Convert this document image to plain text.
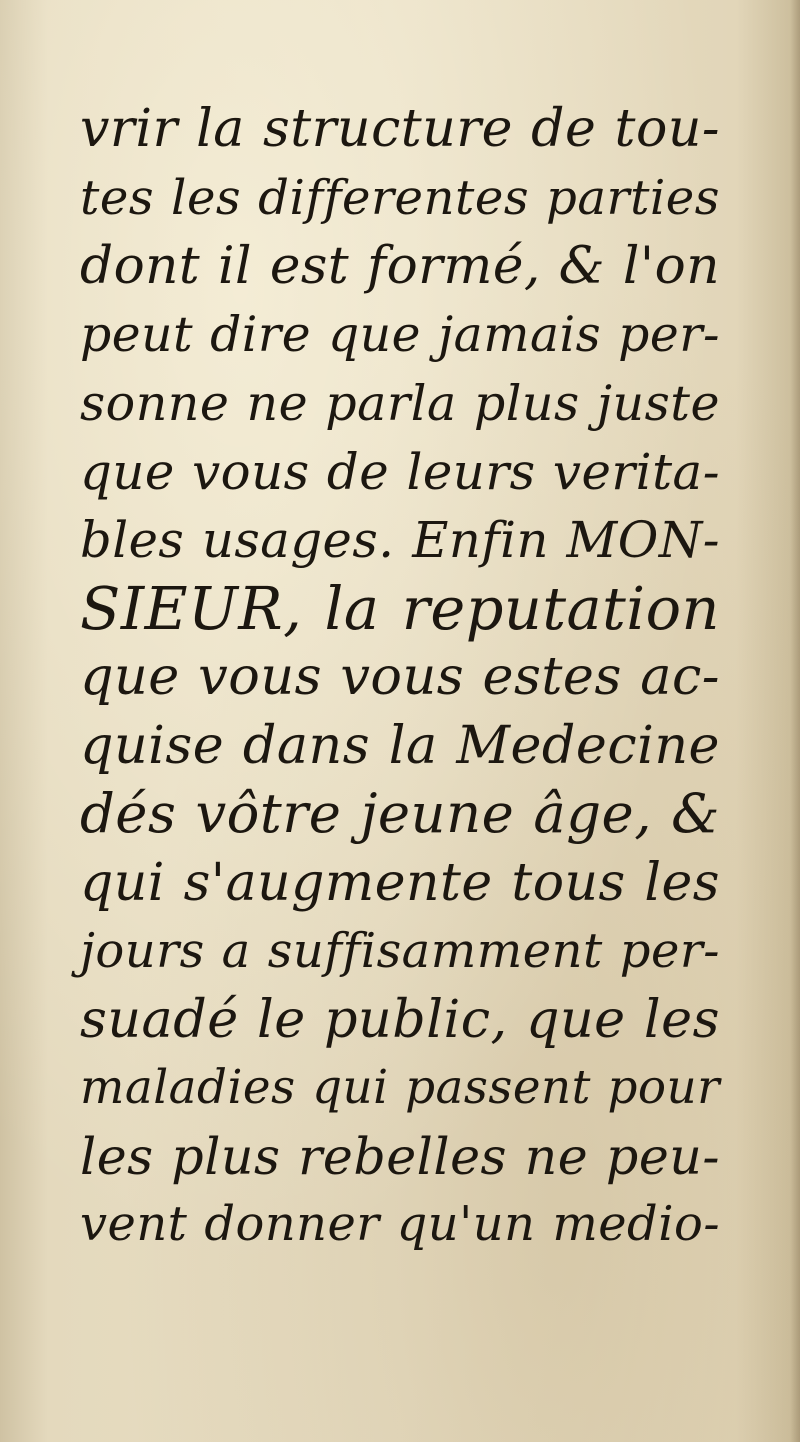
vrir la structure de tou-
tes les differentes parties
dont il est formé, & l'on
peut dire que jamais per-
sonne ne parla plus juste
que vous de leurs verita-
bles usages. Enfin MON-
SIEUR, la reputation
que vous vous estes ac-
quise dans la Medecine
dés vôtre jeune âge, &
qui s'augmente tous les
jours a suffisamment per-
suadé le public, que les
maladies qui passent pour
les plus rebelles ne peu-
vent donner qu'un medio-
